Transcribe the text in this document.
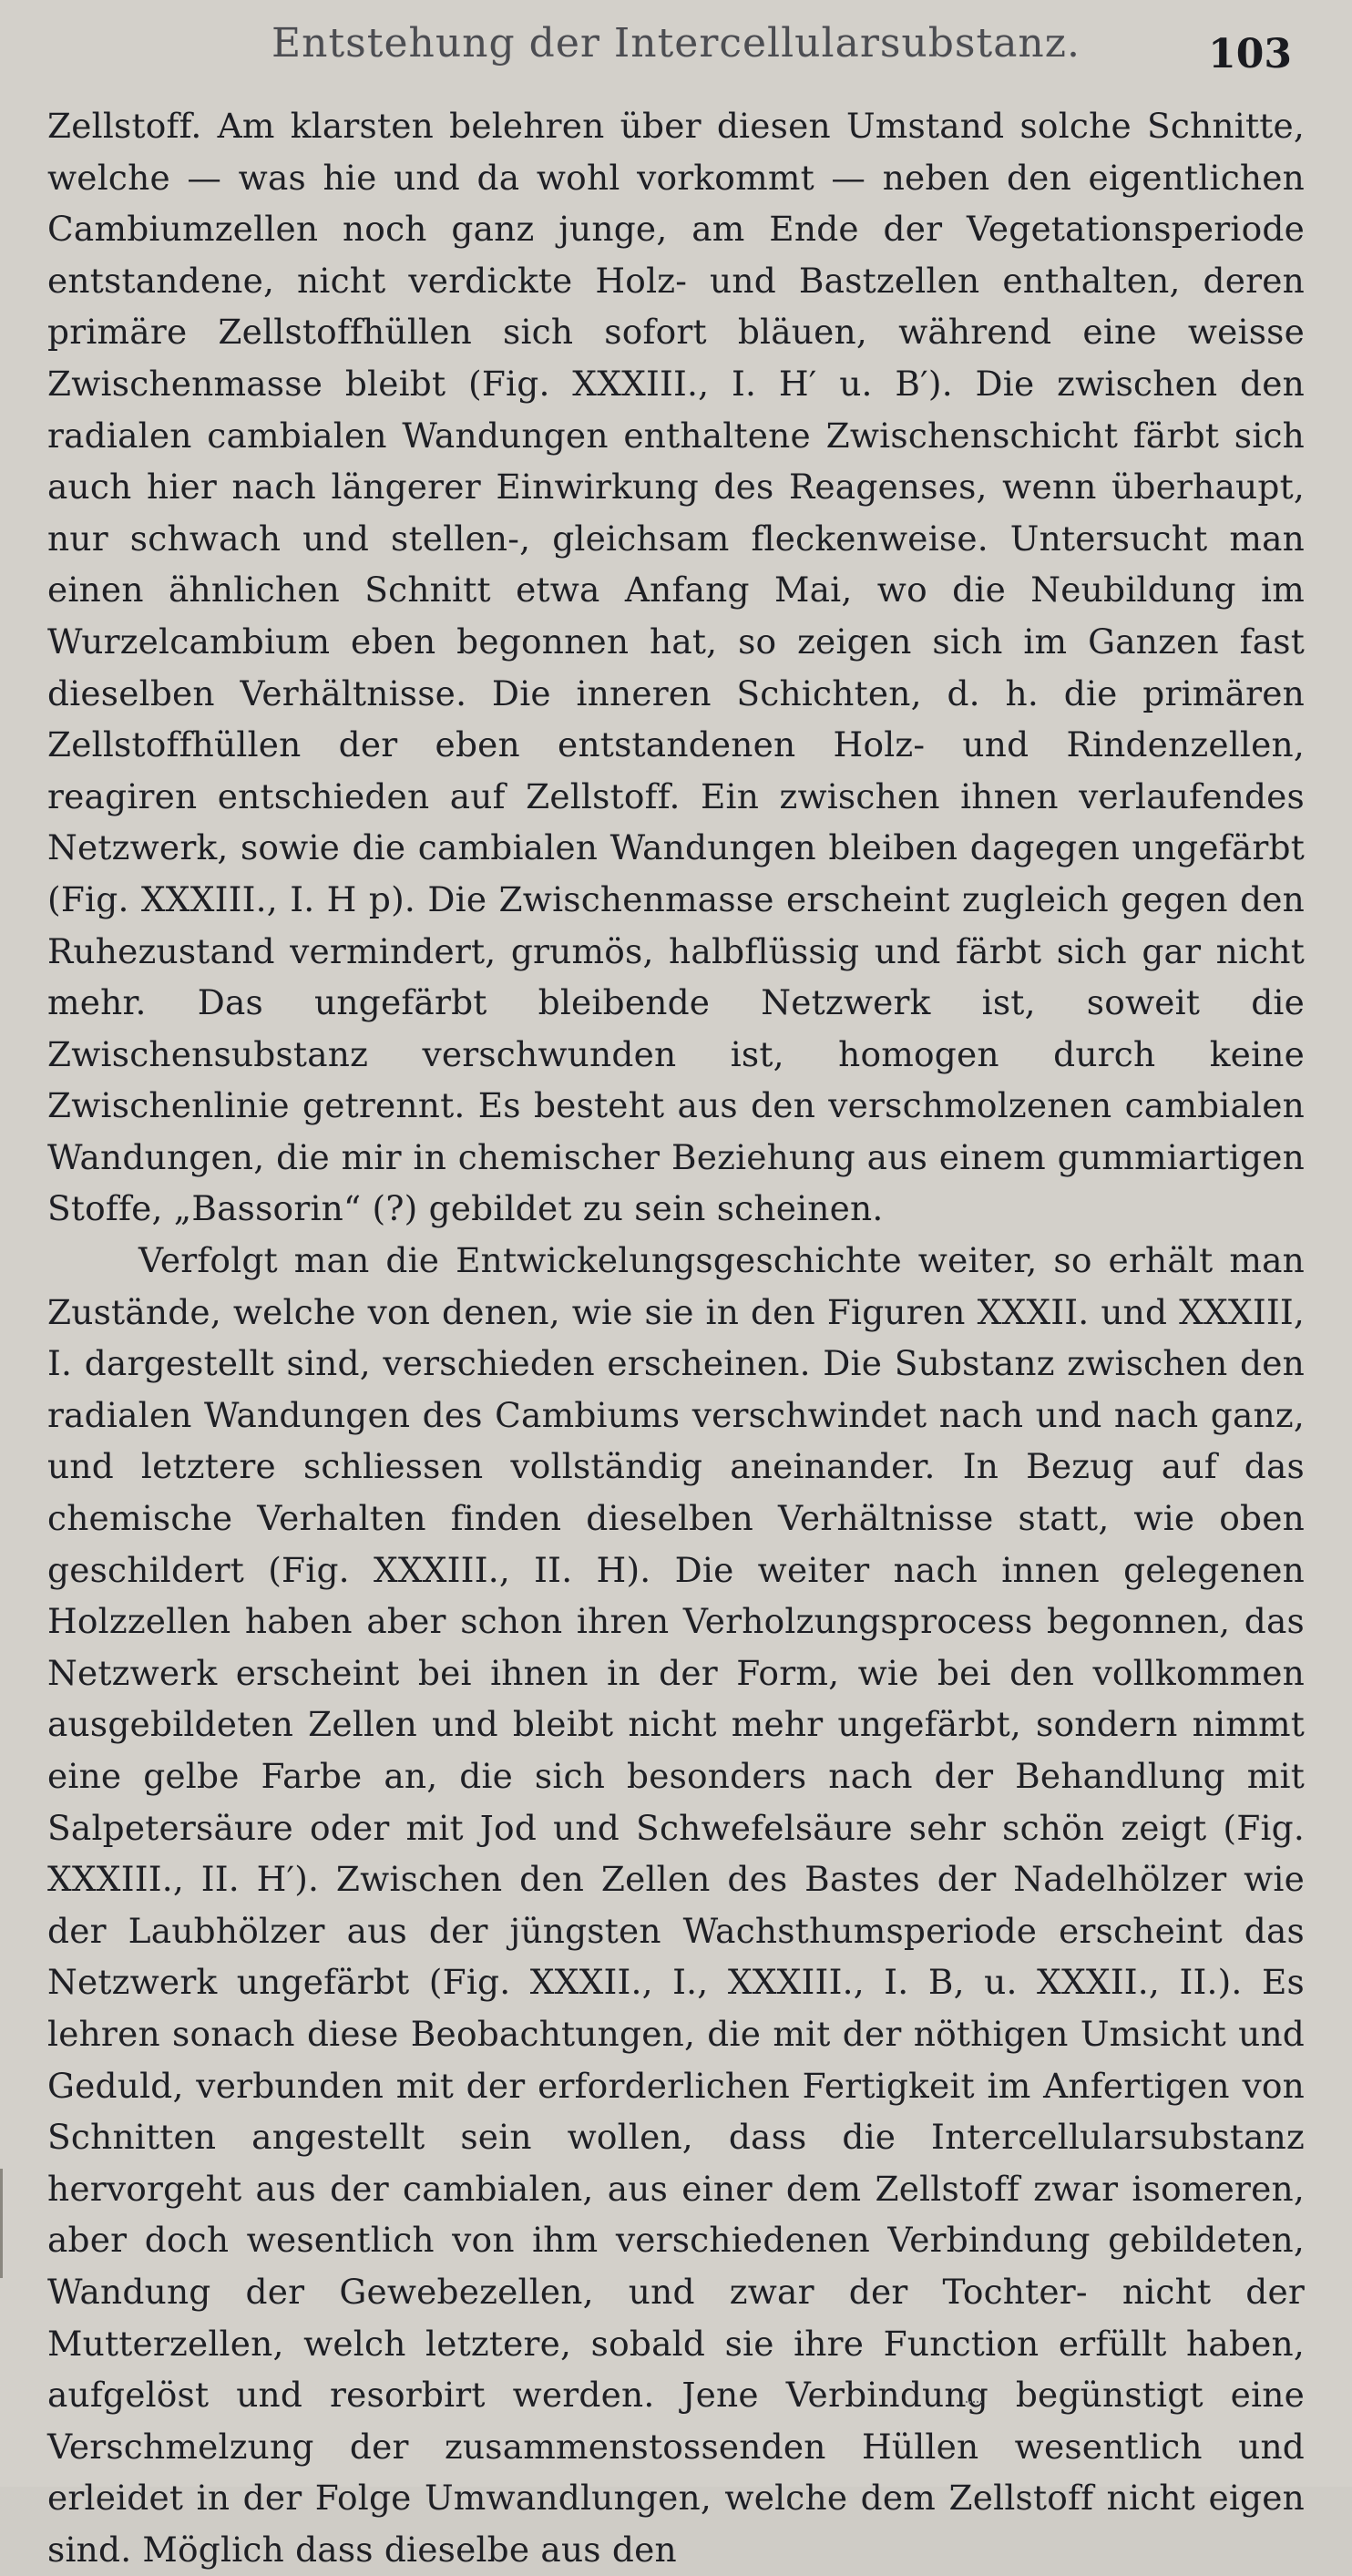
Entstehung der Intercellularsubstanz.	103

Zellstoff. Am klarsten belehren über diesen Umstand solche Schnitte, welche — was hie und da wohl vorkommt — neben den eigentlichen Cambiumzellen noch ganz junge, am Ende der Vegetationsperiode entstandene, nicht verdickte Holz- und Bastzellen enthalten, deren primäre Zellstoffhüllen sich sofort bläuen, während eine weisse Zwischenmasse bleibt (Fig. XXXIII., I. H′ u. B′). Die zwischen den radialen cambialen Wandungen enthaltene Zwischenschicht färbt sich auch hier nach längerer Einwirkung des Reagenses, wenn überhaupt, nur schwach und stellen-, gleichsam fleckenweise. Untersucht man einen ähnlichen Schnitt etwa Anfang Mai, wo die Neubildung im Wurzelcambium eben begonnen hat, so zeigen sich im Ganzen fast dieselben Verhältnisse. Die inneren Schichten, d. h. die primären Zellstoffhüllen der eben entstandenen Holz- und Rindenzellen, reagiren entschieden auf Zellstoff. Ein zwischen ihnen verlaufendes Netzwerk, sowie die cambialen Wandungen bleiben dagegen ungefärbt (Fig. XXXIII., I. H p). Die Zwischenmasse erscheint zugleich gegen den Ruhezustand vermindert, grumös, halbflüssig und färbt sich gar nicht mehr. Das ungefärbt bleibende Netzwerk ist, soweit die Zwischensubstanz verschwunden ist, homogen durch keine Zwischenlinie getrennt. Es besteht aus den verschmolzenen cambialen Wandungen, die mir in chemischer Beziehung aus einem gummiartigen Stoffe, „Bassorin“ (?) gebildet zu sein scheinen.

Verfolgt man die Entwickelungsgeschichte weiter, so erhält man Zustände, welche von denen, wie sie in den Figuren XXXII. und XXXIII, I. dargestellt sind, verschieden erscheinen. Die Substanz zwischen den radialen Wandungen des Cambiums verschwindet nach und nach ganz, und letztere schliessen vollständig aneinander. In Bezug auf das chemische Verhalten finden dieselben Verhältnisse statt, wie oben geschildert (Fig. XXXIII., II. H). Die weiter nach innen gelegenen Holzzellen haben aber schon ihren Verholzungsprocess begonnen, das Netzwerk erscheint bei ihnen in der Form, wie bei den vollkommen ausgebildeten Zellen und bleibt nicht mehr ungefärbt, sondern nimmt eine gelbe Farbe an, die sich besonders nach der Behandlung mit Salpetersäure oder mit Jod und Schwefelsäure sehr schön zeigt (Fig. XXXIII., II. H′). Zwischen den Zellen des Bastes der Nadelhölzer wie der Laubhölzer aus der jüngsten Wachsthumsperiode erscheint das Netzwerk ungefärbt (Fig. XXXII., I., XXXIII., I. B, u. XXXII., II.). Es lehren sonach diese Beobachtungen, die mit der nöthigen Umsicht und Geduld, verbunden mit der erforderlichen Fertigkeit im Anfertigen von Schnitten angestellt sein wollen, dass die Intercellularsubstanz hervorgeht aus der cambialen, aus einer dem Zellstoff zwar isomeren, aber doch wesentlich von ihm verschiedenen Verbindung gebildeten, Wandung der Gewebezellen, und zwar der Tochter- nicht der Mutterzellen, welch letztere, sobald sie ihre Function erfüllt haben, aufgelöst und resorbirt werden. Jene Verbindung begünstigt eine Verschmelzung der zusammenstossenden Hüllen wesentlich und erleidet in der Folge Umwandlungen, welche dem Zellstoff nicht eigen sind. Möglich dass dieselbe aus den
